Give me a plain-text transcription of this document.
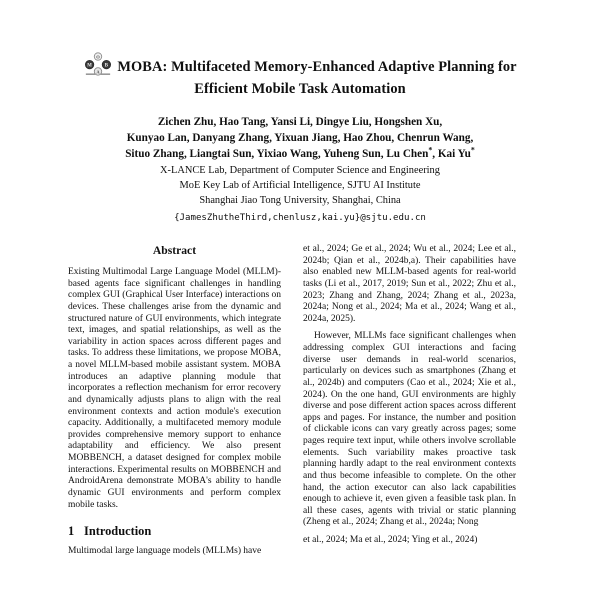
O
M B
A MOBA: Multifaceted Memory-Enhanced Adaptive Planning for
Efficient Mobile Task Automation
Zichen Zhu, Hao Tang, Yansi Li, Dingye Liu, Hongshen Xu,
Kunyao Lan, Danyang Zhang, Yixuan Jiang, Hao Zhou, Chenrun Wang,
Situo Zhang, Liangtai Sun, Yixiao Wang, Yuheng Sun, Lu Chen*, Kai Yu*
X-LANCE Lab, Department of Computer Science and Engineering
MoE Key Lab of Artificial Intelligence, SJTU AI Institute
Shanghai Jiao Tong University, Shanghai, China
{JamesZhutheThird,chenlusz,kai.yu}@sjtu.edu.cn
Abstract

Existing Multimodal Large Language Model (MLLM)-based agents face significant challenges in handling complex GUI (Graphical User Interface) interactions on devices. These challenges arise from the dynamic and structured nature of GUI environments, which integrate text, images, and spatial relationships, as well as the variability in action spaces across different pages and tasks. To address these limitations, we propose MOBA, a novel MLLM-based mobile assistant system. MOBA introduces an adaptive planning module that incorporates a reflection mechanism for error recovery and dynamically adjusts plans to align with the real environment contexts and action module's execution capacity. Additionally, a multifaceted memory module provides comprehensive memory support to enhance adaptability and efficiency. We also present MOBBENCH, a dataset designed for complex mobile interactions. Experimental results on MOBBENCH and AndroidArena demonstrate MOBA's ability to handle dynamic GUI environments and perform complex mobile tasks.

1 Introduction

Multimodal large language models (MLLMs) have

et al., 2024; Ge et al., 2024; Wu et al., 2024; Lee et al., 2024b; Qian et al., 2024b,a). Their capabilities have also enabled new MLLM-based agents for real-world tasks (Li et al., 2017, 2019; Sun et al., 2022; Zhu et al., 2023; Zhang and Zhang, 2024; Zhang et al., 2023a, 2024a; Nong et al., 2024; Ma et al., 2024; Wang et al., 2024a, 2025).

However, MLLMs face significant challenges when addressing complex GUI interactions and facing diverse user demands in real-world scenarios, particularly on devices such as smartphones (Zhang et al., 2024b) and computers (Cao et al., 2024; Xie et al., 2024). On the one hand, GUI environments are highly diverse and pose different action spaces across different apps and pages. For instance, the number and position of clickable icons can vary greatly across pages; some pages require text input, while others involve scrollable elements. Such variability makes proactive task planning hardly adapt to the real environment contexts and thus become infeasible to complete. On the other hand, the action executor can also lack capabilities enough to achieve it, even given a feasible task plan. In all these cases, agents with trivial or static planning (Zheng et al., 2024; Zhang et al., 2024a; Nong

et al., 2024; Ma et al., 2024; Ying et al., 2024)
